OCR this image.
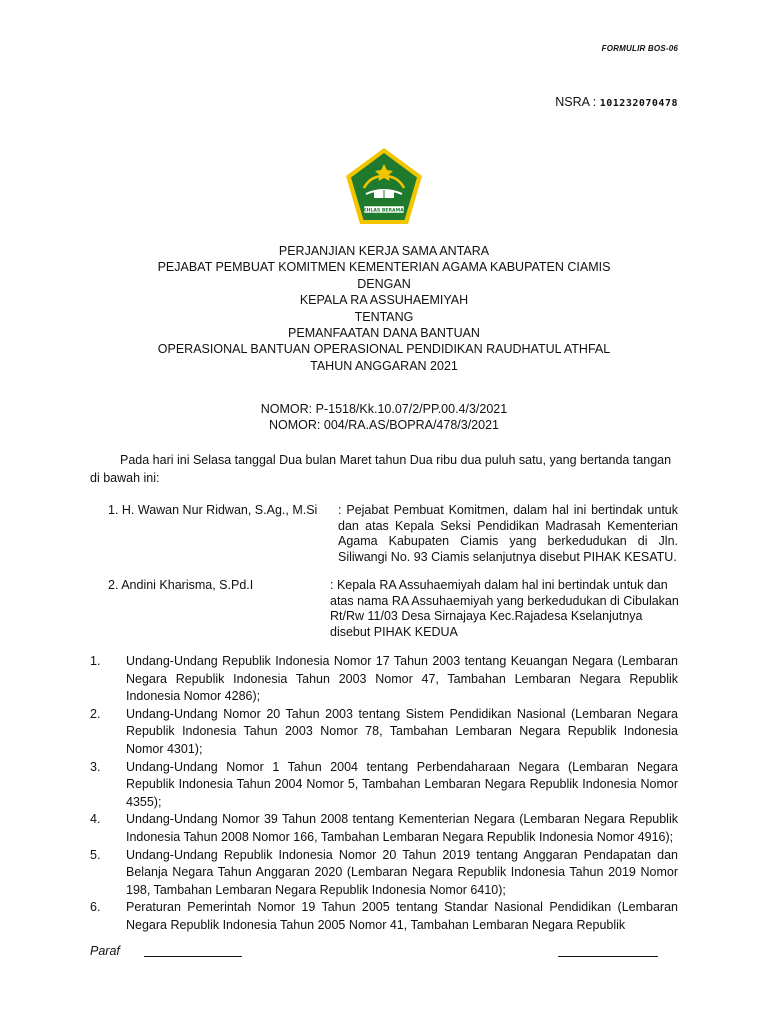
FORMULIR BOS-06
NSRA : 101232070478
IKHLAS BERAMAL
PERJANJIAN KERJA SAMA ANTARA
PEJABAT PEMBUAT KOMITMEN KEMENTERIAN AGAMA KABUPATEN CIAMIS
DENGAN
KEPALA RA ASSUHAEMIYAH
TENTANG
PEMANFAATAN DANA BANTUAN
OPERASIONAL BANTUAN OPERASIONAL PENDIDIKAN RAUDHATUL ATHFAL
TAHUN ANGGARAN 2021
NOMOR: P-1518/Kk.10.07/2/PP.00.4/3/2021
NOMOR: 004/RA.AS/BOPRA/478/3/2021
Pada hari ini Selasa tanggal Dua bulan Maret tahun Dua ribu dua puluh satu, yang bertanda tangan di bawah ini:
1. H. Wawan Nur Ridwan, S.Ag., M.Si : Pejabat Pembuat Komitmen, dalam hal ini bertindak untuk dan atas Kepala Seksi Pendidikan Madrasah Kementerian Agama Kabupaten Ciamis yang berkedudukan di Jln. Siliwangi No. 93 Ciamis selanjutnya disebut PIHAK KESATU.
2. Andini Kharisma, S.Pd.I	: Kepala RA Assuhaemiyah dalam hal ini bertindak untuk dan atas nama RA Assuhaemiyah yang berkedudukan di Cibulakan Rt/Rw 11/03 Desa Sirnajaya Kec.Rajadesa Kselanjutnya disebut PIHAK KEDUA
1.	Undang-Undang Republik Indonesia Nomor 17 Tahun 2003 tentang Keuangan Negara (Lembaran Negara Republik Indonesia Tahun 2003 Nomor 47, Tambahan Lembaran Negara Republik Indonesia Nomor 4286);
2.	Undang-Undang Nomor 20 Tahun 2003 tentang Sistem Pendidikan Nasional (Lembaran Negara Republik Indonesia Tahun 2003 Nomor 78, Tambahan Lembaran Negara Republik Indonesia Nomor 4301);
3.	Undang-Undang Nomor 1 Tahun 2004 tentang Perbendaharaan Negara (Lembaran Negara Republik Indonesia Tahun 2004 Nomor 5, Tambahan Lembaran Negara Republik Indonesia Nomor 4355);
4.	Undang-Undang Nomor 39 Tahun 2008 tentang Kementerian Negara (Lembaran Negara Republik Indonesia Tahun 2008 Nomor 166, Tambahan Lembaran Negara Republik Indonesia Nomor 4916);
5.	Undang-Undang Republik Indonesia Nomor 20 Tahun 2019 tentang Anggaran Pendapatan dan Belanja Negara Tahun Anggaran 2020 (Lembaran Negara Republik Indonesia Tahun 2019 Nomor 198, Tambahan Lembaran Negara Republik Indonesia Nomor 6410);
6.	Peraturan Pemerintah Nomor 19 Tahun 2005 tentang Standar Nasional Pendidikan (Lembaran Negara Republik Indonesia Tahun 2005 Nomor 41, Tambahan Lembaran Negara Republik
Paraf
